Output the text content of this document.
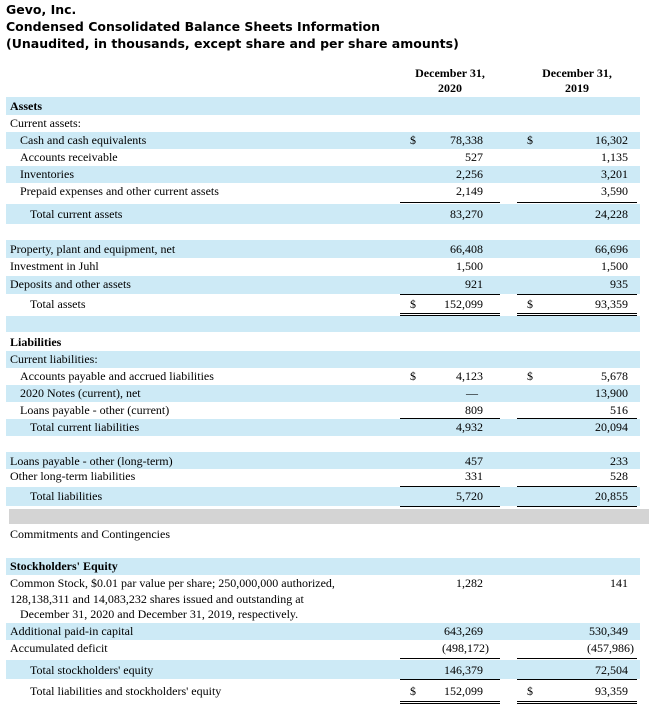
Gevo, Inc.
Condensed Consolidated Balance Sheets Information
(Unaudited, in thousands, except share and per share amounts)
December 31,
2020
December 31,
2019
Assets
Current assets:
Cash and cash equivalents	$	78,338	$	16,302
Accounts receivable	527	1,135
Inventories	2,256	3,201
Prepaid expenses and other current assets	2,149	3,590
Total current assets	83,270	24,228
Property, plant and equipment, net	66,408	66,696
Investment in Juhl	1,500	1,500
Deposits and other assets	921	935
Total assets	$ 152,099	$	93,359
Liabilities
Current liabilities:
Accounts payable and accrued liabilities	$	4,123	$	5,678
2020 Notes (current), net	—	13,900
Loans payable - other (current)	809	516
Total current liabilities	4,932	20,094
Loans payable - other (long-term)	457	233
Other long-term liabilities	331	528
Total liabilities	5,720	20,855
Commitments and Contingencies
Stockholders' Equity
Common Stock, $0.01 par value per share; 250,000,000 authorized,
128,138,311 and 14,083,232 shares issued and outstanding at
December 31, 2020 and December 31, 2019, respectively.
1,282	141
Additional paid-in capital	643,269	530,349
Accumulated deficit	(498,172)	(457,986)
Total stockholders' equity	146,379	72,504
Total liabilities and stockholders' equity	$ 152,099	$	93,359
